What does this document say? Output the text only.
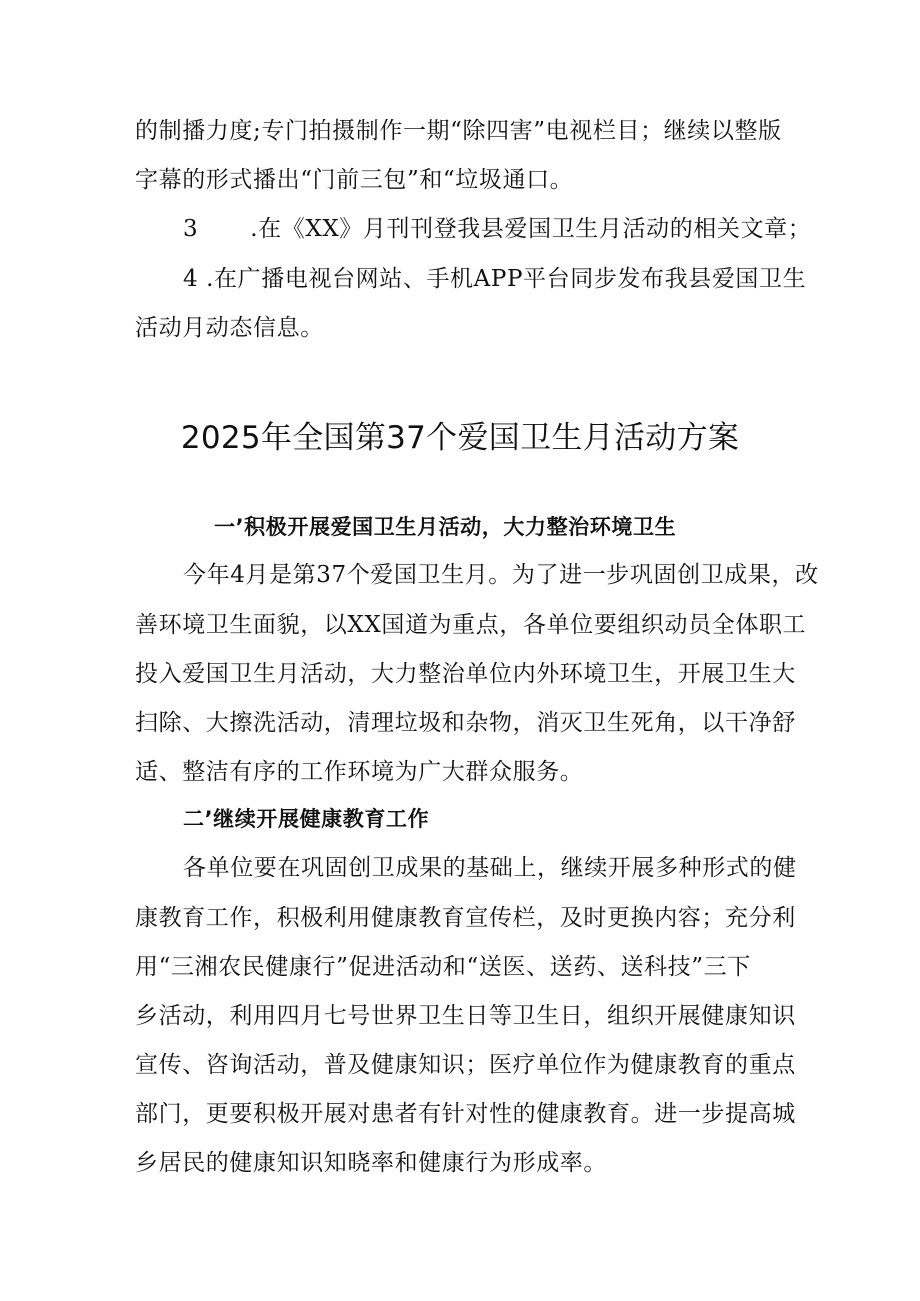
的制播力度;专门拍摄制作一期“除四害”电视栏目；继续以整版
字幕的形式播出“门前三包”和“垃圾通口。
3 .在《XX》月刊刊登我县爱国卫生月活动的相关文章；
4 .在广播电视台网站、手机APP平台同步发布我县爱国卫生
活动月动态信息。
2025年全国第37个爱国卫生月活动方案
一’积极开展爱国卫生月活动，大力整治环境卫生
今年4月是第37个爱国卫生月。为了进一步巩固创卫成果，改
善环境卫生面貌，以XX国道为重点，各单位要组织动员全体职工
投入爱国卫生月活动，大力整治单位内外环境卫生，开展卫生大
扫除、大擦洗活动，清理垃圾和杂物，消灭卫生死角，以干净舒
适、整洁有序的工作环境为广大群众服务。
二’继续开展健康教育工作
各单位要在巩固创卫成果的基础上，继续开展多种形式的健
康教育工作，积极利用健康教育宣传栏，及时更换内容；充分利
用“三湘农民健康行”促进活动和“送医、送药、送科技”三下
乡活动，利用四月七号世界卫生日等卫生日，组织开展健康知识
宣传、咨询活动，普及健康知识；医疗单位作为健康教育的重点
部门，更要积极开展对患者有针对性的健康教育。进一步提高城
乡居民的健康知识知晓率和健康行为形成率。
